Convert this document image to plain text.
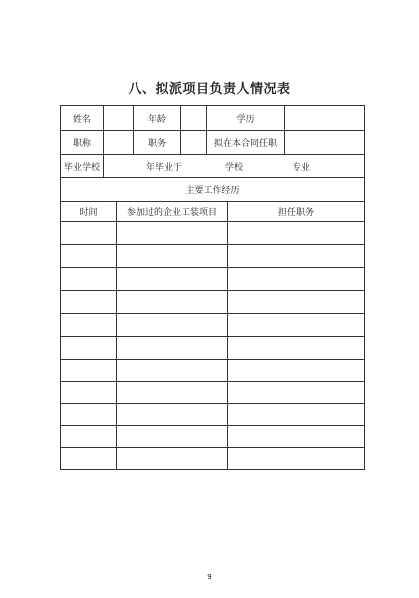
八、拟派项目负责人情况表
姓名	年龄	学历
职称	职务	拟在本合同任职
毕业学校	年毕业于	学校	专业
主要工作经历
时间	参加过的企业工装项目	担任职务
9
